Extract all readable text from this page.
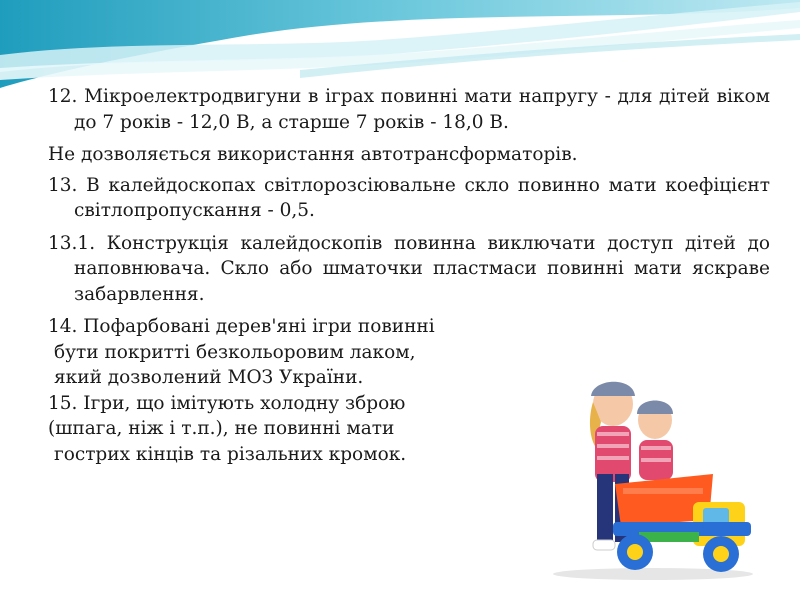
12. Мікроелектродвигуни в іграх повинні мати напругу - для дітей віком до 7 років - 12,0 В, а старше 7 років - 18,0 В.

Не дозволяється використання автотрансформаторів.

13. В калейдоскопах світлорозсіювальне скло повинно мати коефіцієнт світлопропускання - 0,5.

13.1. Конструкція калейдоскопів повинна виключати доступ дітей до наповнювача. Скло або шматочки пластмаси повинні мати яскраве забарвлення.

14. Пофарбовані дерев'яні ігри повинні
бути покритті безкольоровим лаком,
який дозволений МОЗ України.
15. Ігри, що імітують холодну зброю
(шпага, ніж і т.п.), не повинні мати
гострих кінців та різальних кромок.
